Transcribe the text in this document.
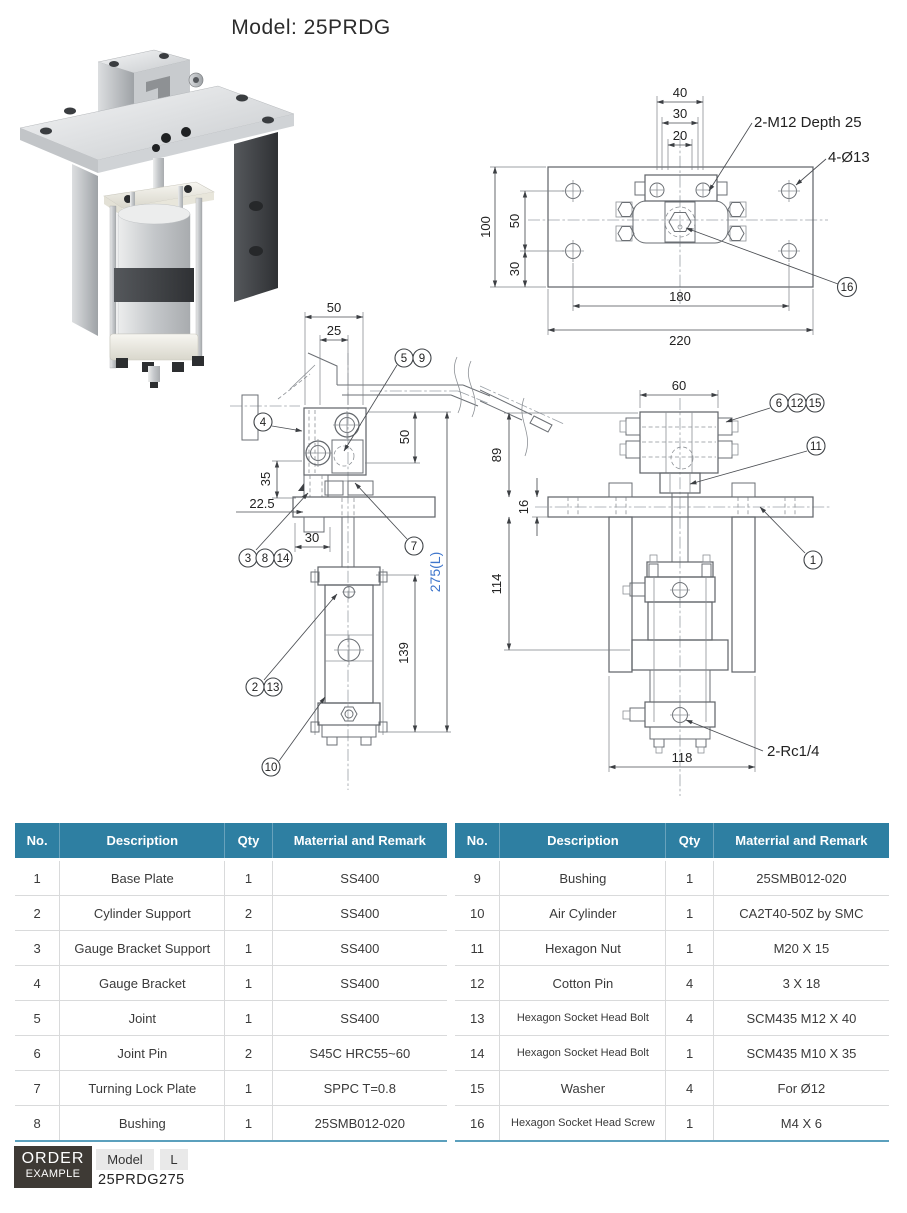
Model: 25PRDG
40
30
20
100 50
30
180
220
2-M12 Depth 25
4-Ø13
16
50
25
50
35
22.5
30
139
275(L)
4
5 9
3 8 14
7
2 13
10
60
89
16
114
118	2-Rc1/4
6 12 15
11
1
No.	Description	Qty	Materrial and Remark
1	Base Plate	1	SS400
2	Cylinder Support	2	SS400
3	Gauge Bracket Support	1	SS400
4	Gauge Bracket	1	SS400
5	Joint	1	SS400
6	Joint Pin	2	S45C HRC55~60
7	Turning Lock Plate	1	SPPC T=0.8
8	Bushing	1	25SMB012-020
No.	Description	Qty	Materrial and Remark
9	Bushing	1	25SMB012-020
10	Air Cylinder	1	CA2T40-50Z by SMC
11	Hexagon Nut	1	M20 X 15
12	Cotton Pin	4	3 X 18
13	Hexagon Socket Head Bolt	4	SCM435 M12 X 40
14	Hexagon Socket Head Bolt	1	SCM435 M10 X 35
15	Washer	4	For Ø12
16	Hexagon Socket Head Screw	1	M4 X 6
ORDER
EXAMPLE
Model	L
25PRDG275
